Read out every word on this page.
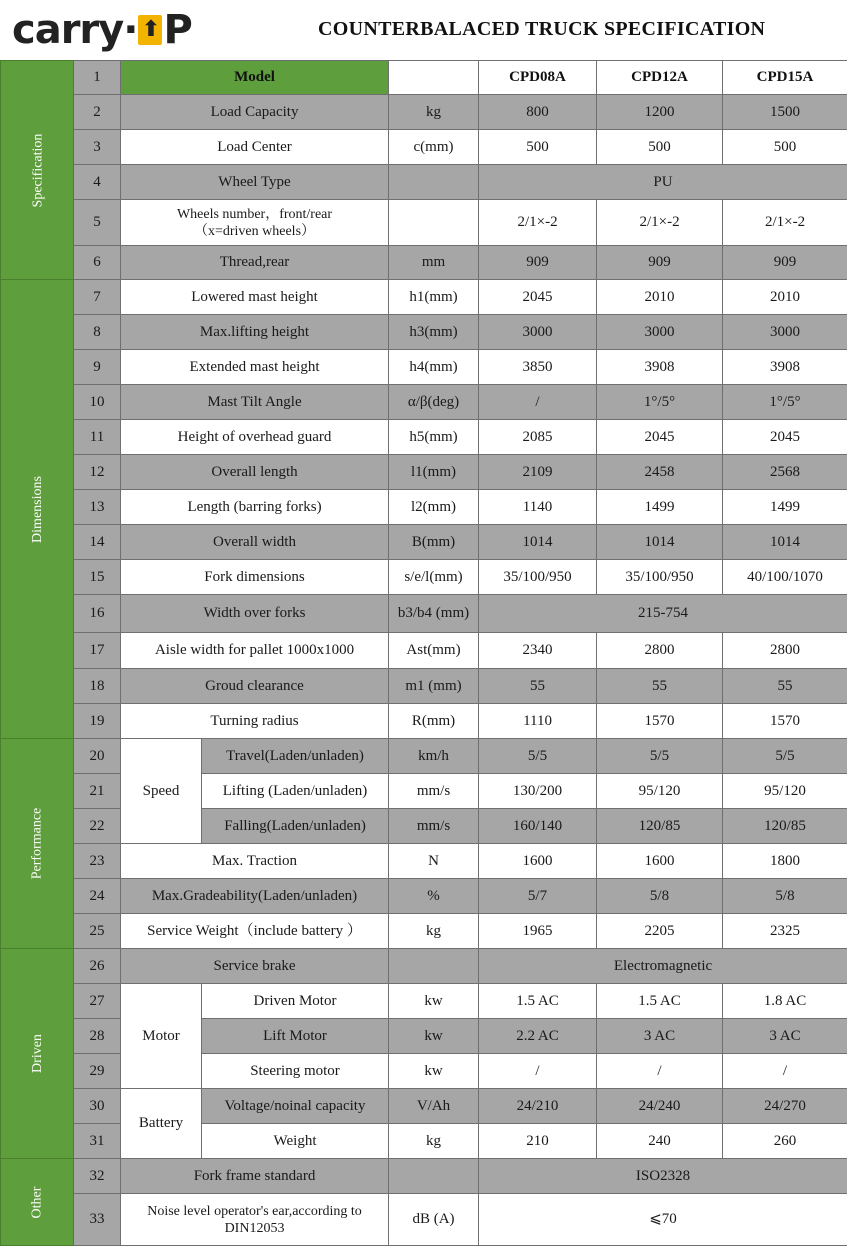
carry· ⬆ P	COUNTERBALACED TRUCK SPECIFICATION
Specification	1	Model			CPD08A	CPD12A	CPD15A
	2	Load Capacity		kg	800	1200	1500
	3	Load Center		c(mm)	500	500	500
	4	Wheel Type			PU		
	5	Wheels number，front/rear
（x=driven wheels）			2/1×-2	2/1×-2	2/1×-2
	6	Thread,rear		mm	909	909	909
Dimensions	7	Lowered mast height		h1(mm)	2045	2010	2010
	8	Max.lifting height		h3(mm)	3000	3000	3000
	9	Extended mast height		h4(mm)	3850	3908	3908
	10	Mast Tilt Angle		α/β(deg)	/	1°/5°	1°/5°
	11	Height of overhead guard		h5(mm)	2085	2045	2045
	12	Overall length		l1(mm)	2109	2458	2568
	13	Length (barring forks)		l2(mm)	1140	1499	1499
	14	Overall width		B(mm)	1014	1014	1014
	15	Fork dimensions		s/e/l(mm)	35/100/950	35/100/950	40/100/1070
	16	Width over forks		b3/b4 (mm)	215-754		
	17	Aisle width for pallet 1000x1000		Ast(mm)	2340	2800	2800
	18	Groud clearance		m1 (mm)	55	55	55
	19	Turning radius		R(mm)	1110	1570	1570
Performance	20	Speed	Travel(Laden/unladen)	km/h	5/5	5/5	5/5
	21		Lifting (Laden/unladen)	mm/s	130/200	95/120	95/120
	22		Falling(Laden/unladen)	mm/s	160/140	120/85	120/85
	23	Max. Traction		N	1600	1600	1800
	24	Max.Gradeability(Laden/unladen)		%	5/7	5/8	5/8
	25	Service Weight（include battery ）		kg	1965	2205	2325
Driven	26	Service brake			Electromagnetic		
	27	Motor	Driven Motor	kw	1.5 AC	1.5 AC	1.8 AC
	28		Lift Motor	kw	2.2 AC	3 AC	3 AC
	29		Steering motor	kw	/	/	/
	30	Battery	Voltage/noinal capacity	V/Ah	24/210	24/240	24/270
	31		Weight	kg	210	240	260
Other	32	Fork frame standard			ISO2328		
	33	Noise level operator's ear,according to
DIN12053		dB (A)	⩽70		
